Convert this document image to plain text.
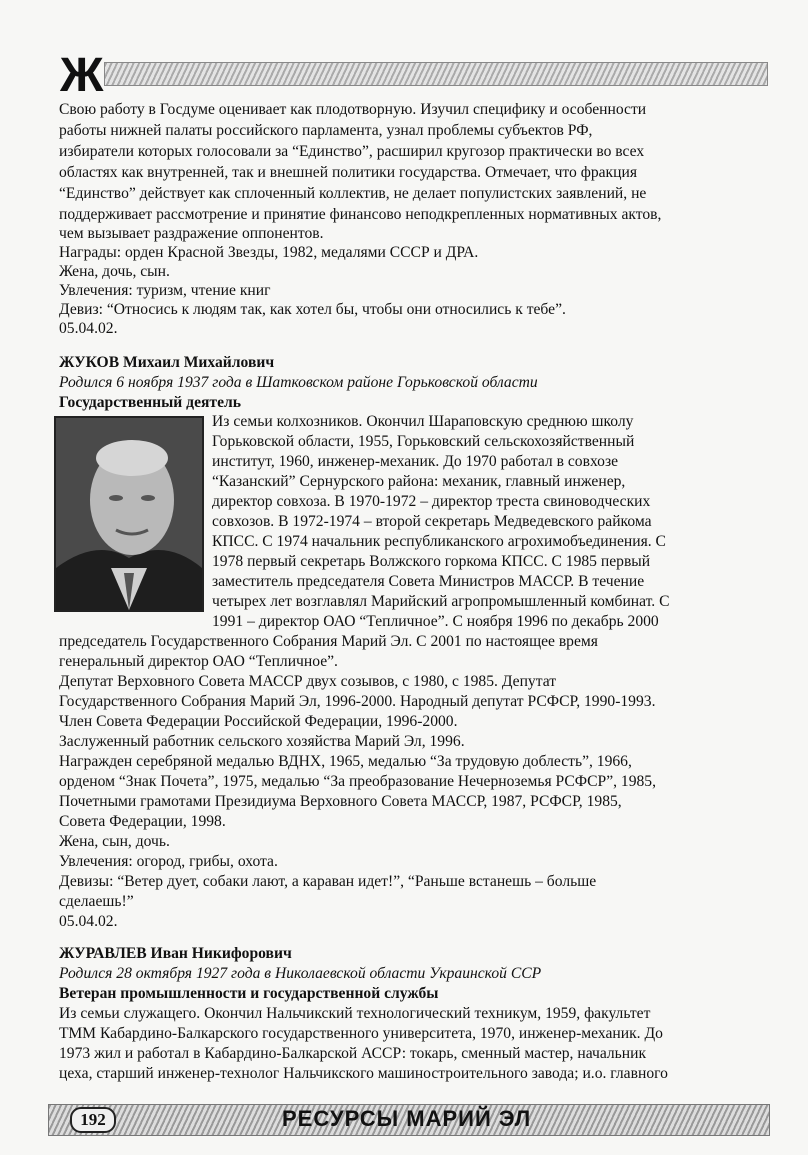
Ж
Свою работу в Госдуме оценивает как плодотворную. Изучил специфику и особенности
работы нижней палаты российского парламента, узнал проблемы субъектов РФ,
избиратели которых голосовали за “Единство”, расширил кругозор практически во всех
областях как внутренней, так и внешней политики государства. Отмечает, что фракция
“Единство” действует как сплоченный коллектив, не делает популистских заявлений, не
поддерживает рассмотрение и принятие финансово неподкрепленных нормативных актов,
чем вызывает раздражение оппонентов.
Награды: орден Красной Звезды, 1982, медалями СССР и ДРА.
Жена, дочь, сын.
Увлечения: туризм, чтение книг
Девиз: “Относись к людям так, как хотел бы, чтобы они относились к тебе”.
05.04.02.
ЖУКОВ Михаил Михайлович
Родился 6 ноября 1937 года в Шатковском районе Горьковской области
Государственный деятель
Из семьи колхозников. Окончил Шараповскую среднюю школу
Горьковской области, 1955, Горьковский сельскохозяйственный
институт, 1960, инженер-механик. До 1970 работал в совхозе
“Казанский” Сернурского района: механик, главный инженер,
директор совхоза. В 1970-1972 – директор треста свиноводческих
совхозов. В 1972-1974 – второй секретарь Медведевского райкома
КПСС. С 1974 начальник республиканского агрохимобъединения. С
1978 первый секретарь Волжского горкома КПСС. С 1985 первый
заместитель председателя Совета Министров МАССР. В течение
четырех лет возглавлял Марийский агропромышленный комбинат. С
1991 – директор ОАО “Тепличное”. С ноября 1996 по декабрь 2000
председатель Государственного Собрания Марий Эл. С 2001 по настоящее время
генеральный директор ОАО “Тепличное”.
Депутат Верховного Совета МАССР двух созывов, с 1980, с 1985. Депутат
Государственного Собрания Марий Эл, 1996-2000. Народный депутат РСФСР, 1990-1993.
Член Совета Федерации Российской Федерации, 1996-2000.
Заслуженный работник сельского хозяйства Марий Эл, 1996.
Награжден серебряной медалью ВДНХ, 1965, медалью “За трудовую доблесть”, 1966,
орденом “Знак Почета”, 1975, медалью “За преобразование Нечерноземья РСФСР”, 1985,
Почетными грамотами Президиума Верховного Совета МАССР, 1987, РСФСР, 1985,
Совета Федерации, 1998.
Жена, сын, дочь.
Увлечения: огород, грибы, охота.
Девизы: “Ветер дует, собаки лают, а караван идет!”, “Раньше встанешь – больше
сделаешь!”
05.04.02.
ЖУРАВЛЕВ Иван Никифорович
Родился 28 октября 1927 года в Николаевской области Украинской ССР
Ветеран промышленности и государственной службы
Из семьи служащего. Окончил Нальчикский технологический техникум, 1959, факультет
ТММ Кабардино-Балкарского государственного университета, 1970, инженер-механик. До
1973 жил и работал в Кабардино-Балкарской АССР: токарь, сменный мастер, начальник
цеха, старший инженер-технолог Нальчикского машиностроительного завода; и.о. главного
192	РЕСУРСЫ МАРИЙ ЭЛ
